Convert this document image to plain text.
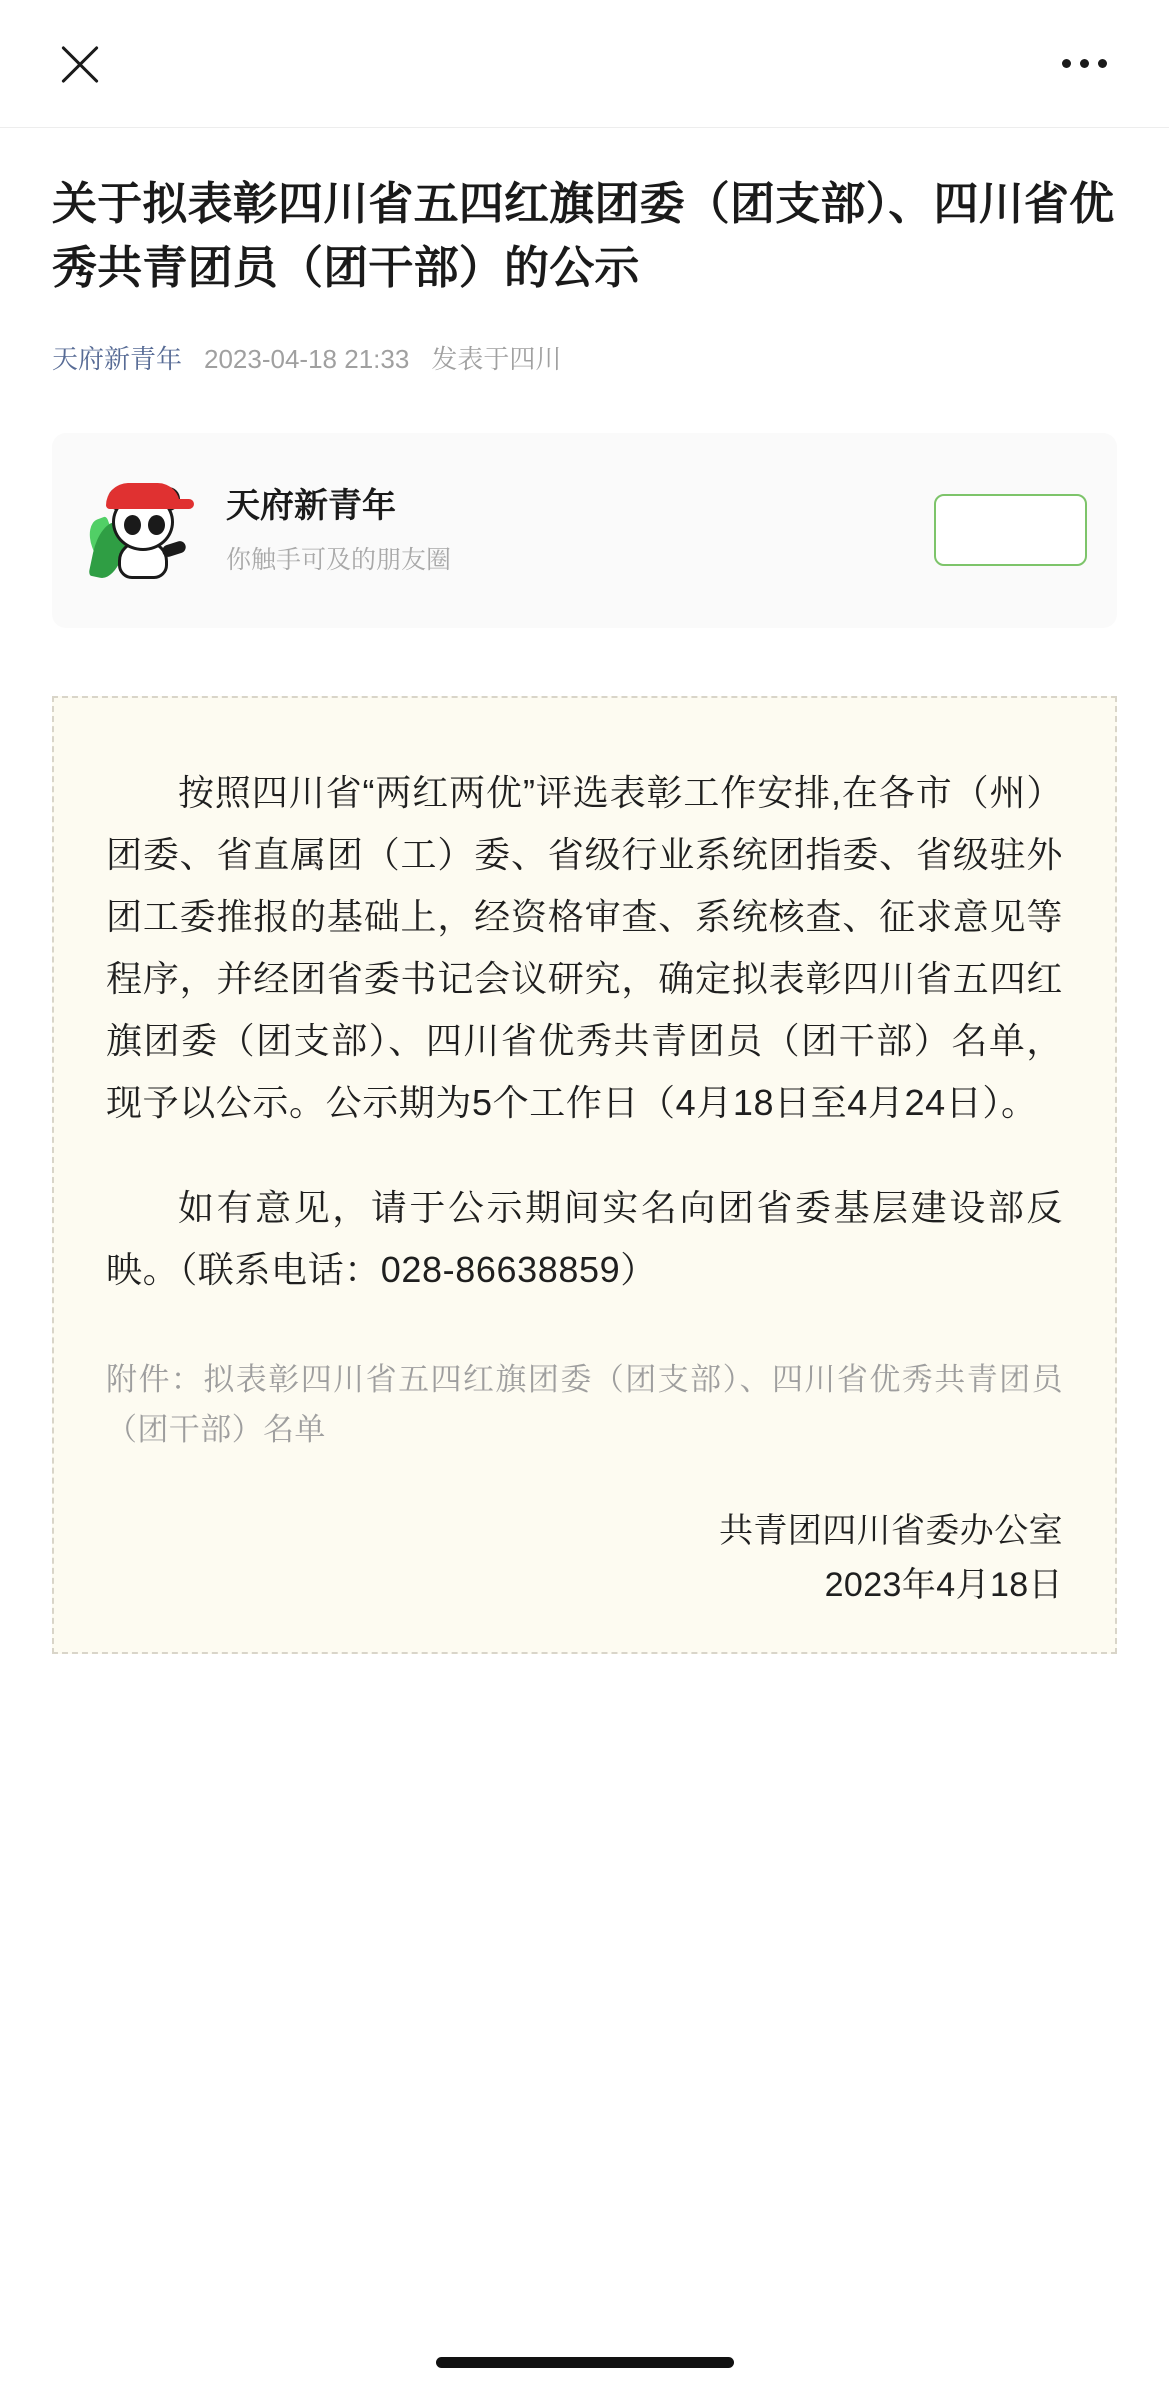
关于拟表彰四川省五四红旗团委（团支部）、四川省优秀共青团员（团干部）的公示
天府新青年 2023-04-18 21:33 发表于四川
天府新青年
你触手可及的朋友圈

按照四川省“两红两优”评选表彰工作安排,在各市（州）团委、省直属团（工）委、省级行业系统团指委、省级驻外团工委推报的基础上，经资格审查、系统核查、征求意见等程序，并经团省委书记会议研究，确定拟表彰四川省五四红旗团委（团支部）、四川省优秀共青团员（团干部）名单，现予以公示。公示期为5个工作日（4月18日至4月24日）。

如有意见，请于公示期间实名向团省委基层建设部反映。（联系电话：028-86638859）

附件：拟表彰四川省五四红旗团委（团支部）、四川省优秀共青团员（团干部）名单
共青团四川省委办公室
2023年4月18日
